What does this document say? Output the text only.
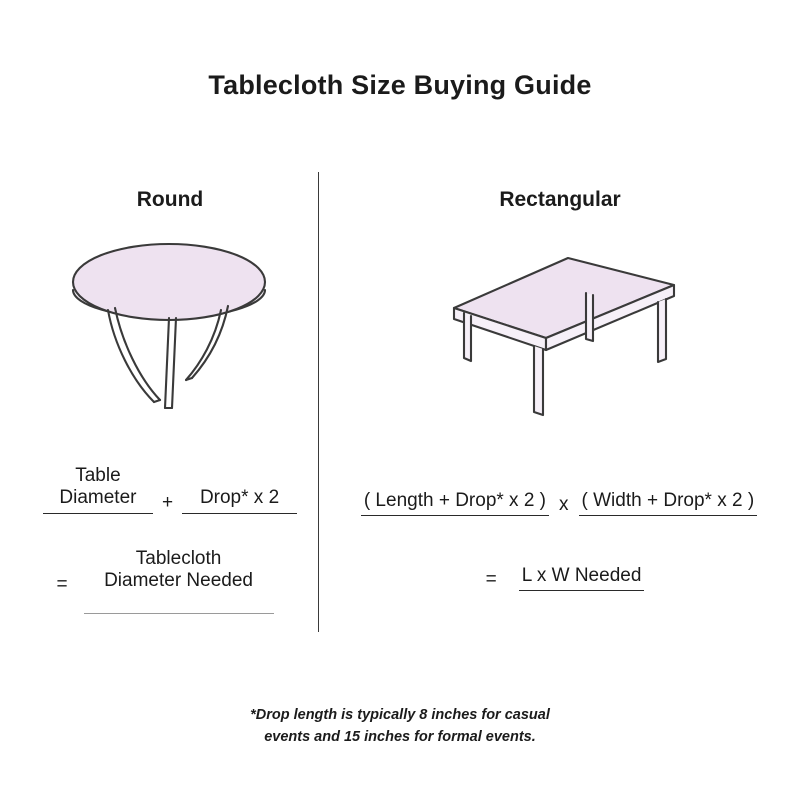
Tablecloth Size Buying Guide
Round	Rectangular
Table
Diameter	+	Drop* x 2
=
Tablecloth
Diameter Needed
( Length + Drop* x 2 ) x ( Width + Drop* x 2 )
=	L x W Needed
*Drop length is typically 8 inches for casual
events and 15 inches for formal events.
